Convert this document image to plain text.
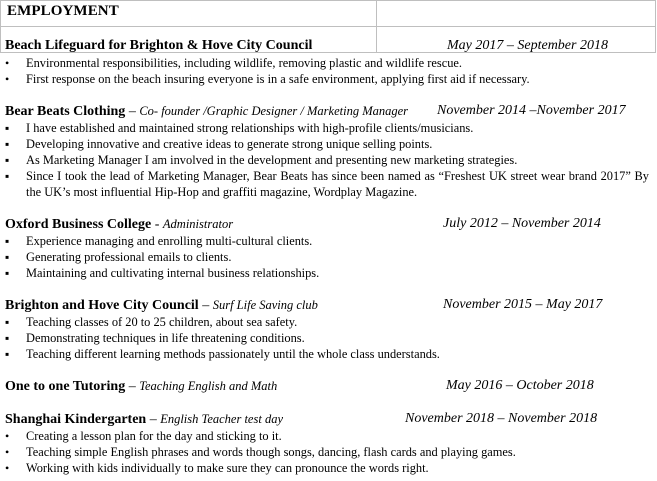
EMPLOYMENT
Beach Lifeguard for Brighton & Hove City Council	May 2017 – September 2018
•
Environmental responsibilities, including wildlife, removing plastic and wildlife rescue.
•
First response on the beach insuring everyone is in a safe environment, applying first aid if necessary.
Bear Beats Clothing – Co- founder /Graphic Designer / Marketing Manager November 2014 –November 2017
▪
I have established and maintained strong relationships with high-profile clients/musicians.
▪
Developing innovative and creative ideas to generate strong unique selling points.
▪
As Marketing Manager I am involved in the development and presenting new marketing strategies.
▪
Since I took the lead of Marketing Manager, Bear Beats has since been named as “Freshest UK street wear brand 2017” By the UK’s most influential Hip-Hop and graffiti magazine, Wordplay Magazine.
Oxford Business College - Administrator	July 2012 – November 2014
▪
Experience managing and enrolling multi-cultural clients.
▪
Generating professional emails to clients.
▪
Maintaining and cultivating internal business relationships.
Brighton and Hove City Council – Surf Life Saving club	November 2015 – May 2017
▪
Teaching classes of 20 to 25 children, about sea safety.
▪
Demonstrating techniques in life threatening conditions.
▪
Teaching different learning methods passionately until the whole class understands.
One to one Tutoring – Teaching English and Math	May 2016 – October 2018
Shanghai Kindergarten – English Teacher test day	November 2018 – November 2018
•
Creating a lesson plan for the day and sticking to it.
•
Teaching simple English phrases and words though songs, dancing, flash cards and playing games.
•
Working with kids individually to make sure they can pronounce the words right.
